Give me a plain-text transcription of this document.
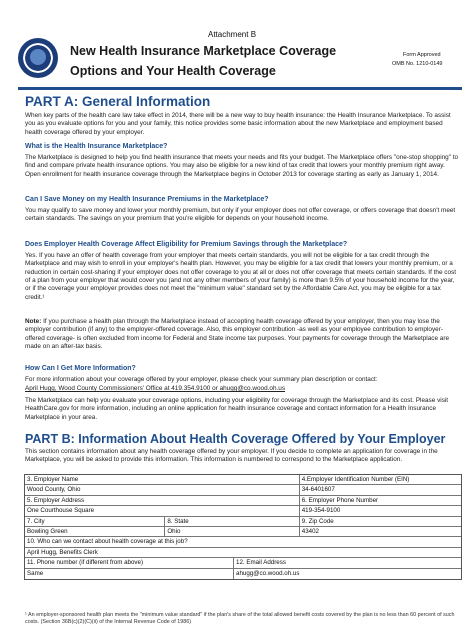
Attachment B
New Health Insurance Marketplace Coverage
Options and Your Health Coverage
Form Approved
OMB No. 1210-0149
PART A: General Information
When key parts of the health care law take effect in 2014, there will be a new way to buy health insurance: the Health Insurance Marketplace. To assist you as you evaluate options for you and your family, this notice provides some basic information about the new Marketplace and employment based health coverage offered by your employer.
What is the Health Insurance Marketplace?
The Marketplace is designed to help you find health insurance that meets your needs and fits your budget. The Marketplace offers "one-stop shopping" to find and compare private health insurance options. You may also be eligible for a new kind of tax credit that lowers your monthly premium right away. Open enrollment for health insurance coverage through the Marketplace begins in October 2013 for coverage starting as early as January 1, 2014.
Can I Save Money on my Health Insurance Premiums in the Marketplace?
You may qualify to save money and lower your monthly premium, but only if your employer does not offer coverage, or offers coverage that doesn't meet certain standards. The savings on your premium that you're eligible for depends on your household income.
Does Employer Health Coverage Affect Eligibility for Premium Savings through the Marketplace?
Yes. If you have an offer of health coverage from your employer that meets certain standards, you will not be eligible for a tax credit through the Marketplace and may wish to enroll in your employer's health plan. However, you may be eligible for a tax credit that lowers your monthly premium, or a reduction in certain cost-sharing if your employer does not offer coverage to you at all or does not offer coverage that meets certain standards. If the cost of a plan from your employer that would cover you (and not any other members of your family) is more than 9.5% of your household income for the year, or if the coverage your employer provides does not meet the "minimum value" standard set by the Affordable Care Act, you may be eligible for a tax credit.¹
Note: If you purchase a health plan through the Marketplace instead of accepting health coverage offered by your employer, then you may lose the employer contribution (if any) to the employer-offered coverage. Also, this employer contribution -as well as your employee contribution to employer-offered coverage- is often excluded from income for Federal and State income tax purposes. Your payments for coverage through the Marketplace are made on an after-tax basis.
How Can I Get More Information?
For more information about your coverage offered by your employer, please check your summary plan description or contact:
April Hugg, Wood County Commissioners' Office at 419.354.9100 or ahugg@co.wood.oh.us
The Marketplace can help you evaluate your coverage options, including your eligibility for coverage through the Marketplace and its cost. Please visit HealthCare.gov for more information, including an online application for health insurance coverage and contact information for a Health Insurance Marketplace in your area.
PART B: Information About Health Coverage Offered by Your Employer
This section contains information about any health coverage offered by your employer. If you decide to complete an application for coverage in the Marketplace, you will be asked to provide this information. This information is numbered to correspond to the Marketplace application.
3. Employer Name	4.Employer Identification Number (EIN)
Wood County, Ohio	34-6401607
5. Employer Address	6. Employer Phone Number
One Courthouse Square	419-354-9100
7. City	8. State	9. Zip Code
Bowling Green	Ohio	43402
10. Who can we contact about health coverage at this job?
April Hugg, Benefits Clerk
11. Phone number (if different from above)	12. Email Address
Same	ahugg@co.wood.oh.us
¹ An employer-sponsored health plan meets the "minimum value standard" if the plan's share of the total allowed benefit costs covered by the plan is no less than 60 percent of such costs. (Section 36B(c)(2)(C)(ii) of the Internal Revenue Code of 1986)
